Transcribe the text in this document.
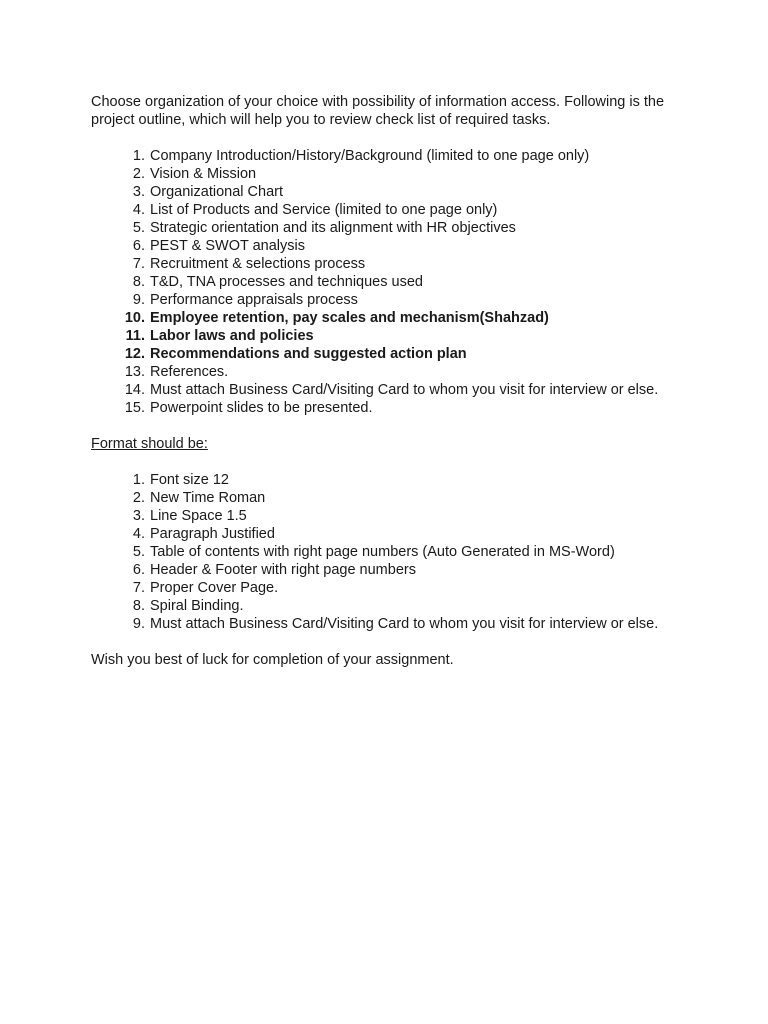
Choose organization of your choice with possibility of information access. Following is the project outline, which will help you to review check list of required tasks.

1. Company Introduction/History/Background (limited to one page only)
2. Vision & Mission
3. Organizational Chart
4. List of Products and Service (limited to one page only)
5. Strategic orientation and its alignment with HR objectives
6. PEST & SWOT analysis
7. Recruitment & selections process
8. T&D, TNA processes and techniques used
9. Performance appraisals process
10. Employee retention, pay scales and mechanism(Shahzad)
11. Labor laws and policies
12. Recommendations and suggested action plan
13. References.
14. Must attach Business Card/Visiting Card to whom you visit for interview or else.
15. Powerpoint slides to be presented.

Format should be:

1. Font size 12
2. New Time Roman
3. Line Space 1.5
4. Paragraph Justified
5. Table of contents with right page numbers (Auto Generated in MS-Word)
6. Header & Footer with right page numbers
7. Proper Cover Page.
8. Spiral Binding.
9. Must attach Business Card/Visiting Card to whom you visit for interview or else.

Wish you best of luck for completion of your assignment.
